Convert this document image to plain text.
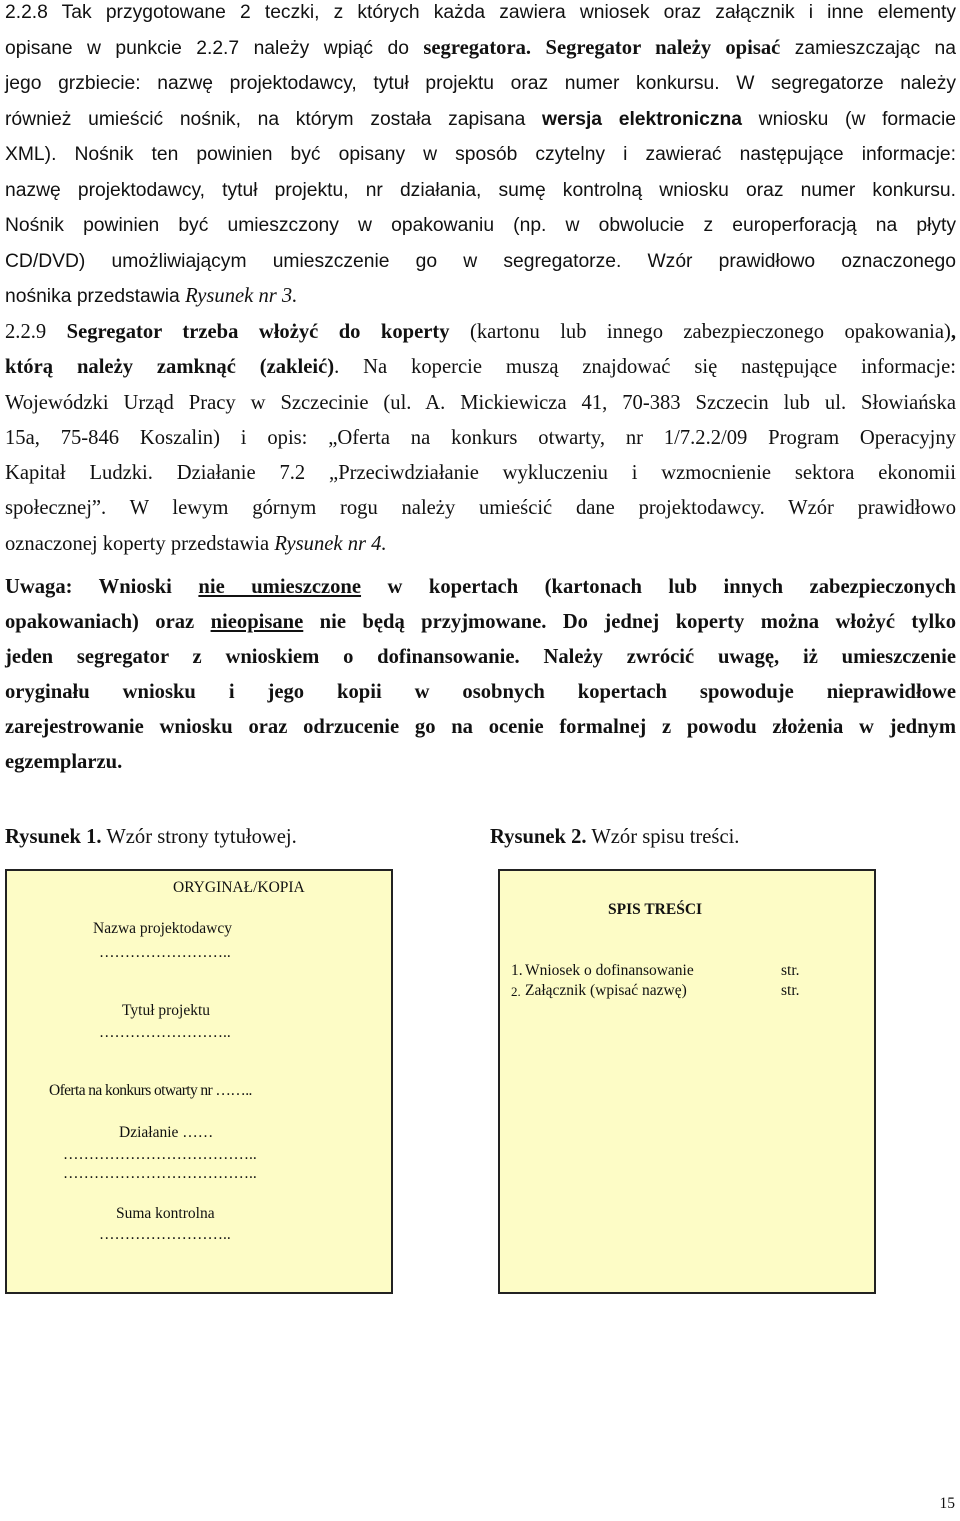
2.2.8 Tak przygotowane 2 teczki, z których każda zawiera wniosek oraz załącznik i inne elementy
opisane w punkcie 2.2.7 należy wpiąć do segregatora. Segregator należy opisać zamieszczając na
jego grzbiecie: nazwę projektodawcy, tytuł projektu oraz numer konkursu. W segregatorze należy
również umieścić nośnik, na którym została zapisana wersja elektroniczna wniosku (w formacie
XML). Nośnik ten powinien być opisany w sposób czytelny i zawierać następujące informacje:
nazwę projektodawcy, tytuł projektu, nr działania, sumę kontrolną wniosku oraz numer konkursu.
Nośnik powinien być umieszczony w opakowaniu (np. w obwolucie z europerforacją na płyty
CD/DVD) umożliwiającym umieszczenie go w segregatorze. Wzór prawidłowo oznaczonego
nośnika przedstawia Rysunek nr 3.
2.2.9 Segregator trzeba włożyć do koperty (kartonu lub innego zabezpieczonego opakowania),
którą należy zamknąć (zakleić). Na kopercie muszą znajdować się następujące informacje:
Wojewódzki Urząd Pracy w Szczecinie (ul. A. Mickiewicza 41, 70-383 Szczecin lub ul. Słowiańska
15a, 75-846 Koszalin) i opis: „Oferta na konkurs otwarty, nr 1/7.2.2/09 Program Operacyjny
Kapitał Ludzki. Działanie 7.2 „Przeciwdziałanie wykluczeniu i wzmocnienie sektora ekonomii
społecznej”. W lewym górnym rogu należy umieścić dane projektodawcy. Wzór prawidłowo
oznaczonej koperty przedstawia Rysunek nr 4.
Uwaga: Wnioski nie umieszczone w kopertach (kartonach lub innych zabezpieczonych
opakowaniach) oraz nieopisane nie będą przyjmowane. Do jednej koperty można włożyć tylko
jeden segregator z wnioskiem o dofinansowanie. Należy zwrócić uwagę, iż umieszczenie
oryginału wniosku i jego kopii w osobnych kopertach spowoduje nieprawidłowe
zarejestrowanie wniosku oraz odrzucenie go na ocenie formalnej z powodu złożenia w jednym
egzemplarzu.
Rysunek 1. Wzór strony tytułowej.	Rysunek 2. Wzór spisu treści.
ORYGINAŁ/KOPIA
Nazwa projektodawcy
……………………..
Tytuł projektu
……………………..
Oferta na konkurs otwarty nr ……..
Działanie ……
………………………………..
………………………………..
Suma kontrolna
……………………..
SPIS TREŚCI
1. Wniosek o dofinansowanie	str.
2. Załącznik (wpisać nazwę)	str.
15
